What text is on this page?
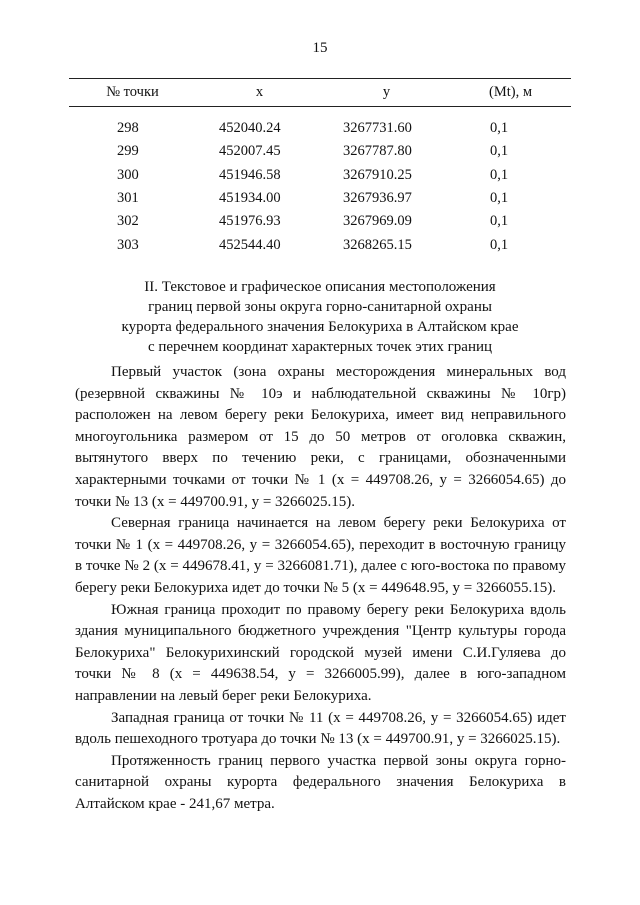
15
№ точки	x	y	(Mt), м

298	452040.24	3267731.60	0,1
299	452007.45	3267787.80	0,1
300	451946.58	3267910.25	0,1
301	451934.00	3267936.97	0,1
302	451976.93	3267969.09	0,1
303	452544.40	3268265.15	0,1
II. Текстовое и графическое описания местоположения
границ первой зоны округа горно-санитарной охраны
курорта федерального значения Белокуриха в Алтайском крае
с перечнем координат характерных точек этих границ

Первый участок (зона охраны месторождения минеральных вод (резервной скважины № 10э и наблюдательной скважины № 10гр) расположен на левом берегу реки Белокуриха, имеет вид неправильного многоугольника размером от 15 до 50 метров от оголовка скважин, вытянутого вверх по течению реки, с границами, обозначенными характерными точками от точки № 1 (x = 449708.26, y = 3266054.65) до точки № 13 (x = 449700.91, y = 3266025.15).

Северная граница начинается на левом берегу реки Белокуриха от точки № 1 (x = 449708.26, y = 3266054.65), переходит в восточную границу в точке № 2 (x = 449678.41, y = 3266081.71), далее с юго-востока по правому берегу реки Белокуриха идет до точки № 5 (x = 449648.95, y = 3266055.15).

Южная граница проходит по правому берегу реки Белокуриха вдоль здания муниципального бюджетного учреждения "Центр культуры города Белокуриха" Белокурихинский городской музей имени С.И.Гуляева до точки № 8 (x = 449638.54, y = 3266005.99), далее в юго-западном направлении на левый берег реки Белокуриха.

Западная граница от точки № 11 (x = 449708.26, y = 3266054.65) идет вдоль пешеходного тротуара до точки № 13 (x = 449700.91, y = 3266025.15).

Протяженность границ первого участка первой зоны округа горно-санитарной охраны курорта федерального значения Белокуриха в Алтайском крае - 241,67 метра.
